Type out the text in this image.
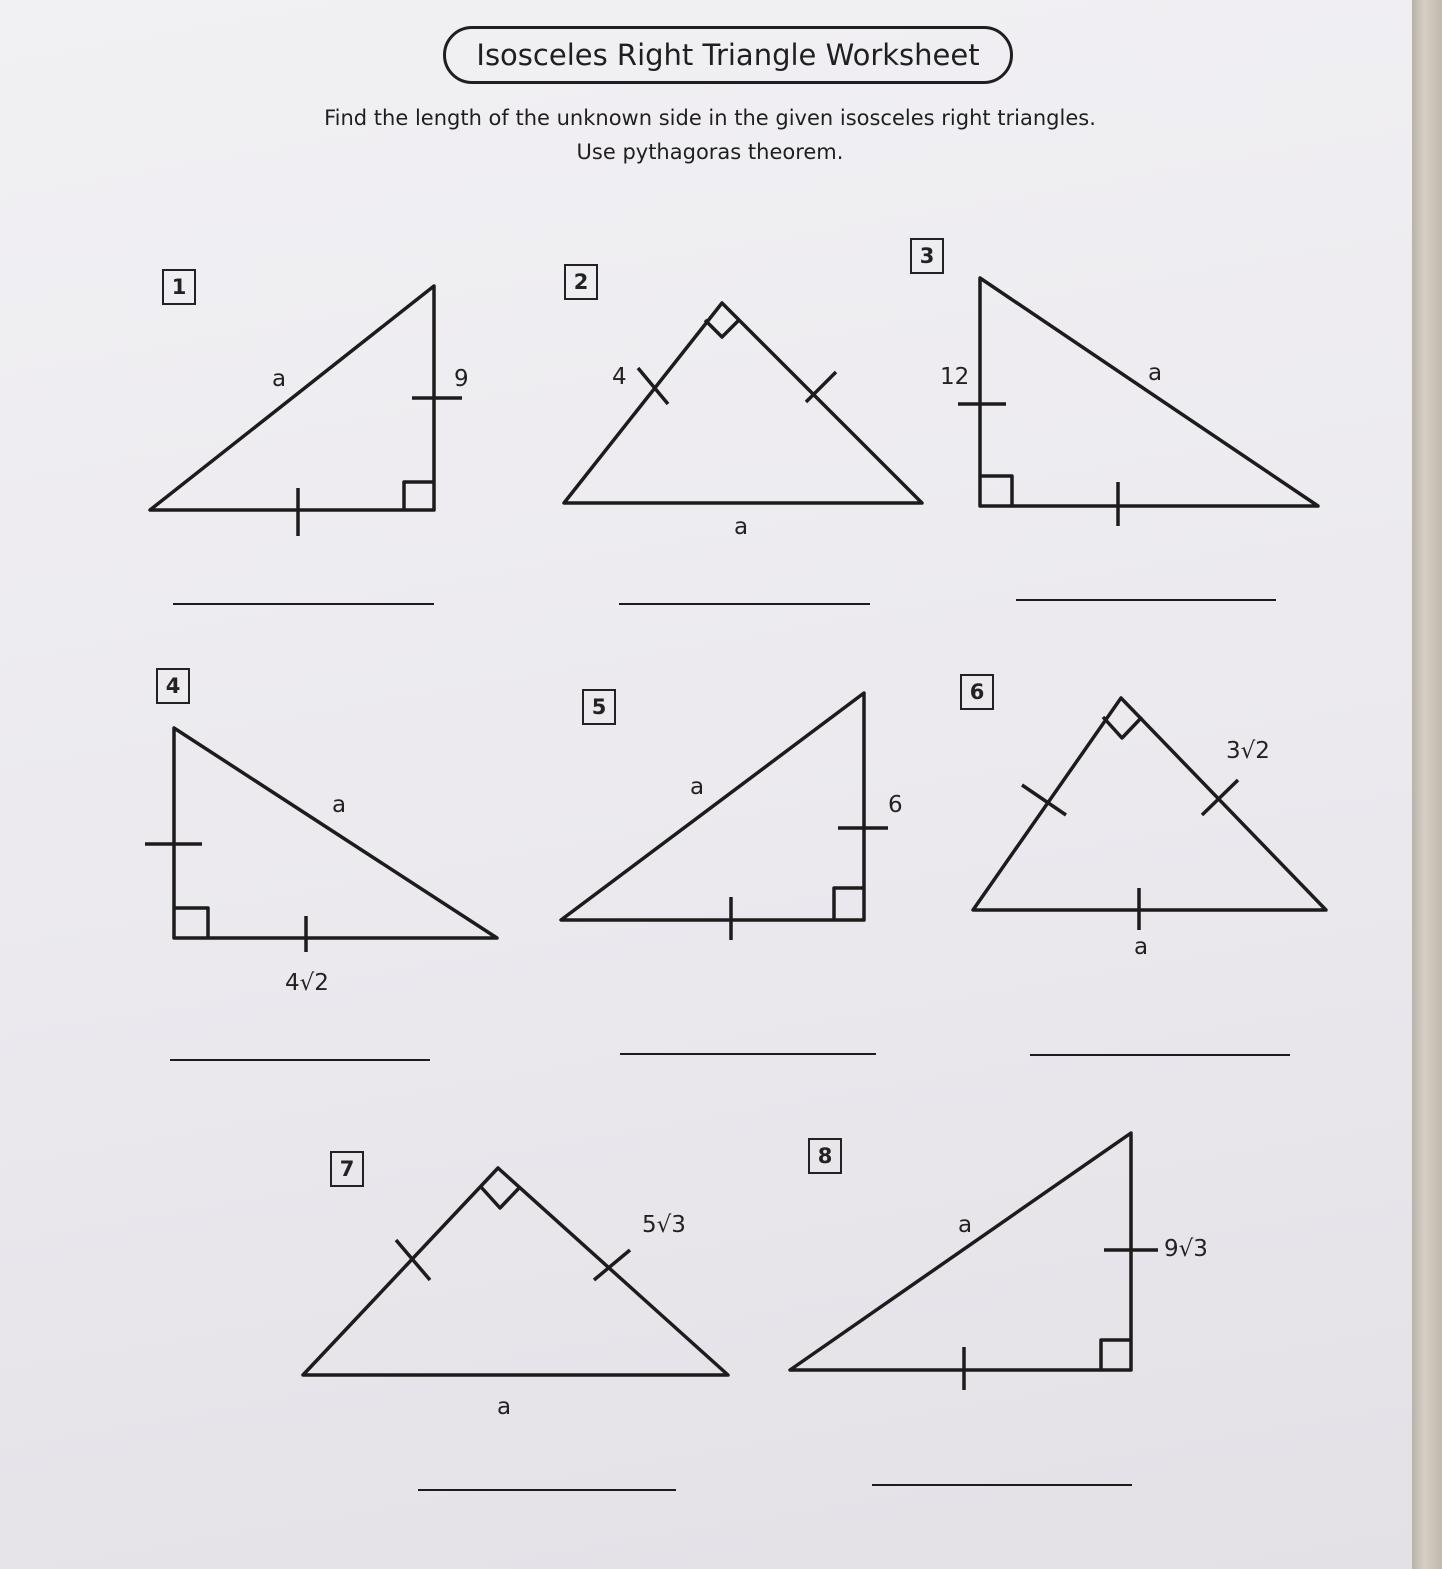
Isosceles Right Triangle Worksheet
Find the length of the unknown side in the given isosceles right triangles.
Use pythagoras theorem.
1	2
3
4
5
6
7
8
a	9	4
a
12	a
a
4√2
a
6
3√2
a
5√3
a
a
9√3
